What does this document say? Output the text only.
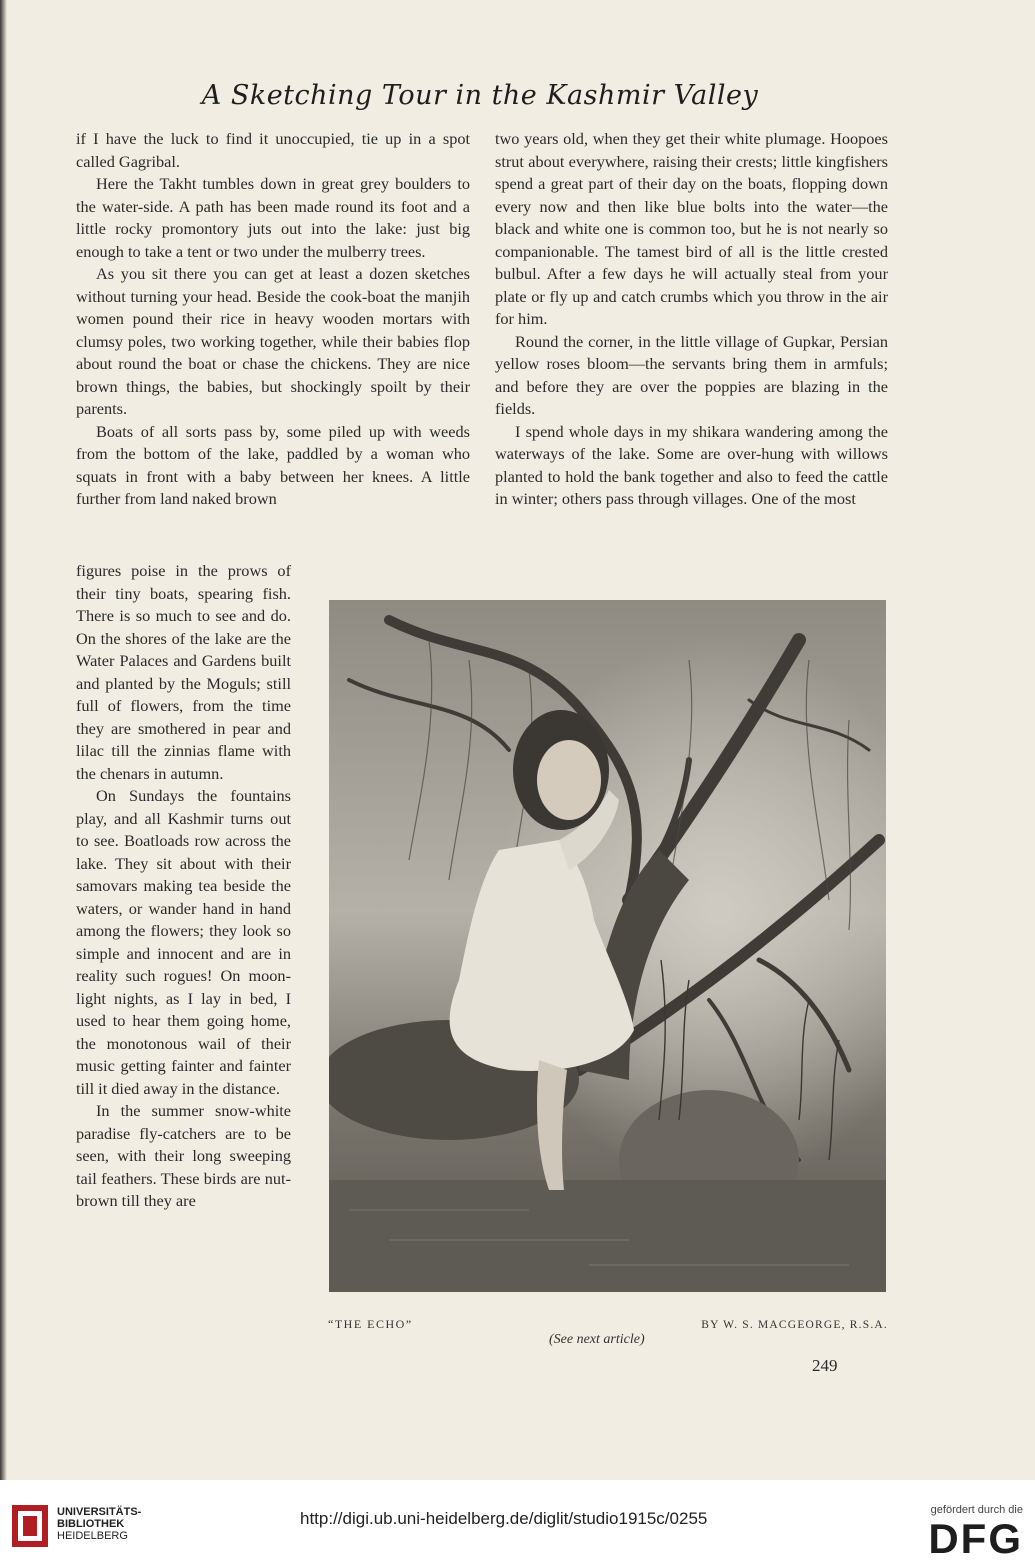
A Sketching Tour in the Kashmir Valley

if I have the luck to find it unoccupied, tie up in a spot called Gagribal.

Here the Takht tumbles down in great grey boulders to the water-side. A path has been made round its foot and a little rocky promontory juts out into the lake: just big enough to take a tent or two under the mulberry trees.

As you sit there you can get at least a dozen sketches without turning your head. Beside the cook-boat the manjih women pound their rice in heavy wooden mortars with clumsy poles, two working together, while their babies flop about round the boat or chase the chickens. They are nice brown things, the babies, but shockingly spoilt by their parents.

Boats of all sorts pass by, some piled up with weeds from the bottom of the lake, paddled by a woman who squats in front with a baby between her knees. A little further from land naked brown

figures poise in the prows of their tiny boats, spearing fish. There is so much to see and do. On the shores of the lake are the Water Palaces and Gardens built and planted by the Moguls; still full of flowers, from the time they are smothered in pear and lilac till the zinnias flame with the chenars in autumn.

On Sundays the fountains play, and all Kashmir turns out to see. Boatloads row across the lake. They sit about with their samovars making tea beside the waters, or wander hand in hand among the flowers; they look so simple and innocent and are in reality such rogues! On moon-light nights, as I lay in bed, I used to hear them going home, the monotonous wail of their music getting fainter and fainter till it died away in the distance.

In the summer snow-white paradise fly-catchers are to be seen, with their long sweeping tail feathers. These birds are nut-brown till they are

two years old, when they get their white plumage. Hoopoes strut about everywhere, raising their crests; little kingfishers spend a great part of their day on the boats, flopping down every now and then like blue bolts into the water—the black and white one is common too, but he is not nearly so companionable. The tamest bird of all is the little crested bulbul. After a few days he will actually steal from your plate or fly up and catch crumbs which you throw in the air for him.

Round the corner, in the little village of Gupkar, Persian yellow roses bloom—the servants bring them in armfuls; and before they are over the poppies are blazing in the fields.

I spend whole days in my shikara wandering among the waterways of the lake. Some are over-hung with willows planted to hold the bank together and also to feed the cattle in winter; others pass through villages. One of the most

“THE ECHO”	BY W. S. MACGEORGE, R.S.A.
(See next article)
249
UNIVERSITÄTS-
BIBLIOTHEK
HEIDELBERG
http://digi.ub.uni-heidelberg.de/diglit/studio1915c/0255	gefördert durch die
DFG
